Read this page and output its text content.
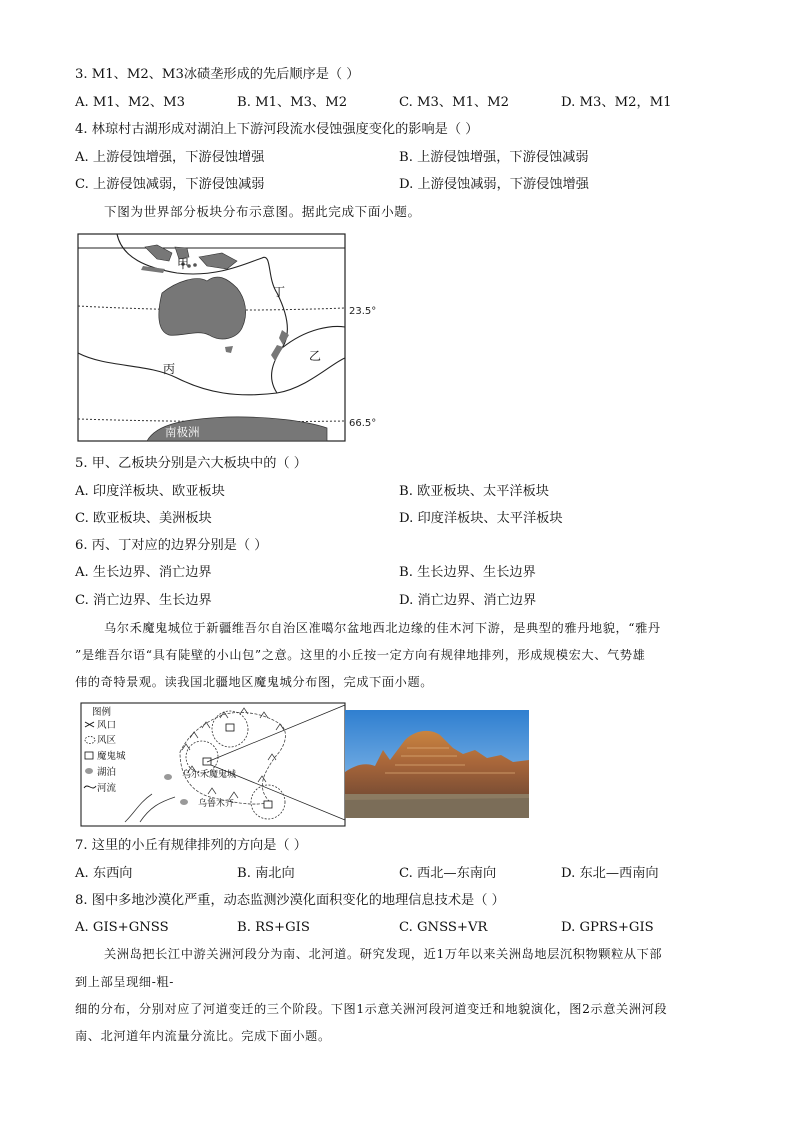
3. M1、M2、M3冰碛垄形成的先后顺序是（ ）
A. M1、M2、M3	B. M1、M3、M2	C. M3、M1、M2	D. M3、M2，M1
4. 林琼村古湖形成对湖泊上下游河段流水侵蚀强度变化的影响是（ ）
A. 上游侵蚀增强，下游侵蚀增强	B. 上游侵蚀增强，下游侵蚀减弱
C. 上游侵蚀减弱，下游侵蚀减弱	D. 上游侵蚀减弱，下游侵蚀增强
下图为世界部分板块分布示意图。据此完成下面小题。
甲
丁
乙
丙
南极洲
23.5°
66.5°
5. 甲、乙板块分别是六大板块中的（ ）
A. 印度洋板块、欧亚板块	B. 欧亚板块、太平洋板块
C. 欧亚板块、美洲板块	D. 印度洋板块、太平洋板块
6. 丙、丁对应的边界分别是（ ）
A. 生长边界、消亡边界	B. 生长边界、生长边界
C. 消亡边界、生长边界	D. 消亡边界、消亡边界
乌尔禾魔鬼城位于新疆维吾尔自治区准噶尔盆地西北边缘的佳木河下游，是典型的雅丹地貌，“雅丹
”是维吾尔语“具有陡壁的小山包”之意。这里的小丘按一定方向有规律地排列，形成规模宏大、气势雄
伟的奇特景观。读我国北疆地区魔鬼城分布图，完成下面小题。
图例
风口
风区
魔鬼城
湖泊
河流
乌尔禾魔鬼城
乌鲁木齐
7. 这里的小丘有规律排列的方向是（ ）
A. 东西向	B. 南北向	C. 西北—东南向	D. 东北—西南向
8. 图中多地沙漠化严重，动态监测沙漠化面积变化的地理信息技术是（ ）
A. GIS+GNSS	B. RS+GIS	C. GNSS+VR	D. GPRS+GIS
关洲岛把长江中游关洲河段分为南、北河道。研究发现，近1万年以来关洲岛地层沉积物颗粒从下部
到上部呈现细-粗-
细的分布，分别对应了河道变迁的三个阶段。下图1示意关洲河段河道变迁和地貌演化，图2示意关洲河段
南、北河道年内流量分流比。完成下面小题。
